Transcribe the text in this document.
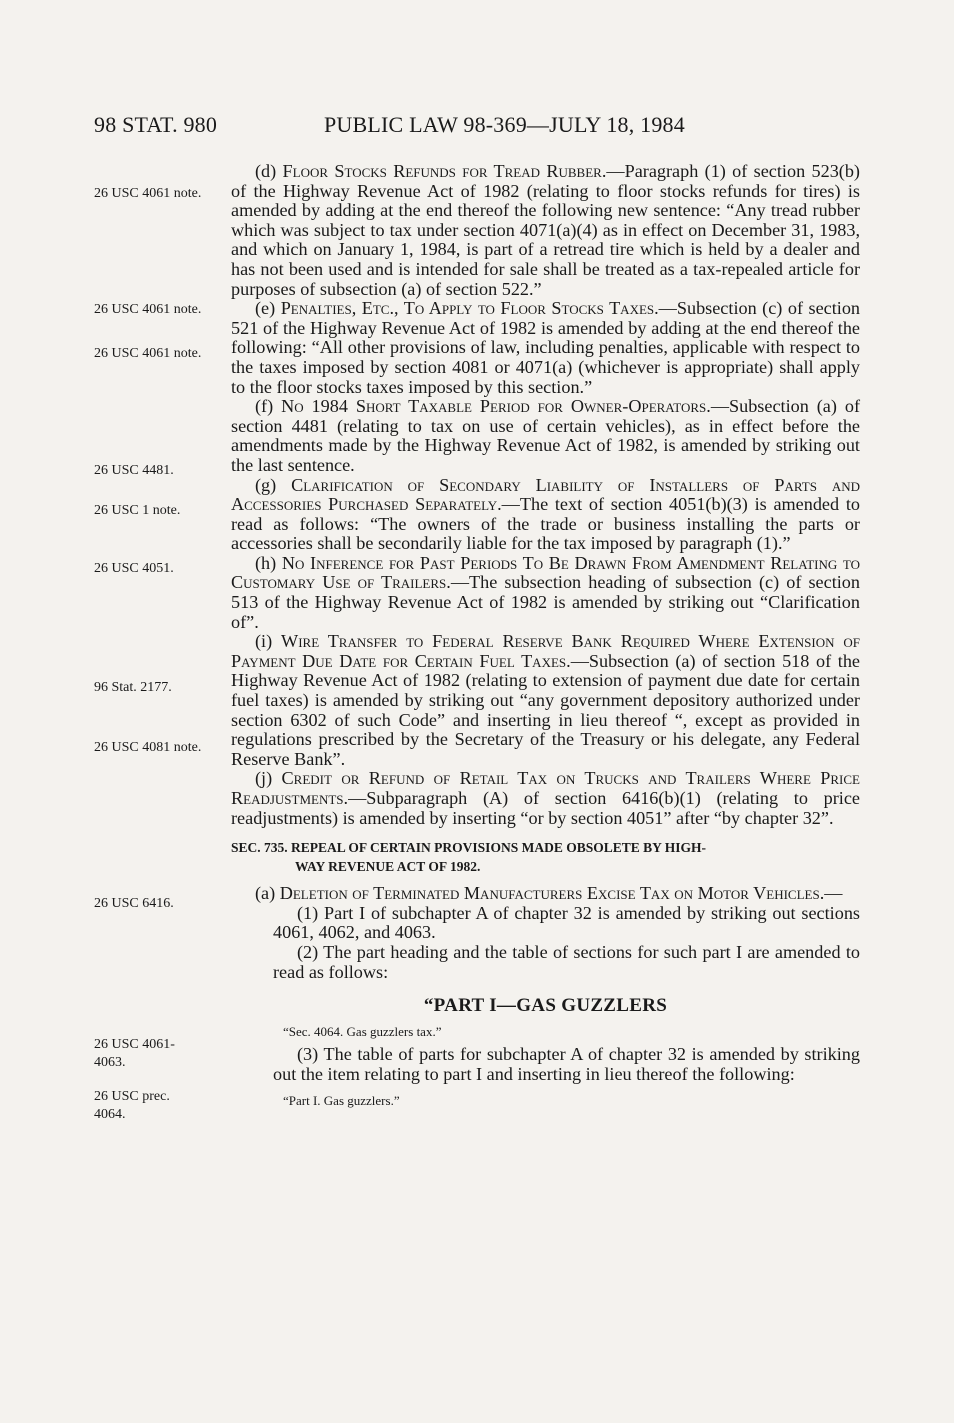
98 STAT. 980	PUBLIC LAW 98-369—JULY 18, 1984
26 USC 4061 note.
26 USC 4061 note.
26 USC 4061 note.
26 USC 4481.
26 USC 1 note.
26 USC 4051.
96 Stat. 2177.
26 USC 4081 note.
26 USC 6416.
26 USC 4061-4063.
26 USC prec. 4064.

(d) Floor Stocks Refunds for Tread Rubber.—Paragraph (1) of section 523(b) of the Highway Revenue Act of 1982 (relating to floor stocks refunds for tires) is amended by adding at the end thereof the following new sentence: “Any tread rubber which was subject to tax under section 4071(a)(4) as in effect on December 31, 1983, and which on January 1, 1984, is part of a retread tire which is held by a dealer and has not been used and is intended for sale shall be treated as a tax-repealed article for purposes of subsection (a) of section 522.”

(e) Penalties, Etc., To Apply to Floor Stocks Taxes.—Subsection (c) of section 521 of the Highway Revenue Act of 1982 is amended by adding at the end thereof the following: “All other provisions of law, including penalties, applicable with respect to the taxes imposed by section 4081 or 4071(a) (whichever is appropriate) shall apply to the floor stocks taxes imposed by this section.”

(f) No 1984 Short Taxable Period for Owner-Operators.—Subsection (a) of section 4481 (relating to tax on use of certain vehicles), as in effect before the amendments made by the Highway Revenue Act of 1982, is amended by striking out the last sentence.

(g) Clarification of Secondary Liability of Installers of Parts and Accessories Purchased Separately.—The text of section 4051(b)(3) is amended to read as follows: “The owners of the trade or business installing the parts or accessories shall be secondarily liable for the tax imposed by paragraph (1).”

(h) No Inference for Past Periods To Be Drawn From Amendment Relating to Customary Use of Trailers.—The subsection heading of subsection (c) of section 513 of the Highway Revenue Act of 1982 is amended by striking out “Clarification of”.

(i) Wire Transfer to Federal Reserve Bank Required Where Extension of Payment Due Date for Certain Fuel Taxes.—Subsection (a) of section 518 of the Highway Revenue Act of 1982 (relating to extension of payment due date for certain fuel taxes) is amended by striking out “any government depository authorized under section 6302 of such Code” and inserting in lieu thereof “, except as provided in regulations prescribed by the Secretary of the Treasury or his delegate, any Federal Reserve Bank”.

(j) Credit or Refund of Retail Tax on Trucks and Trailers Where Price Readjustments.—Subparagraph (A) of section 6416(b)(1) (relating to price readjustments) is amended by inserting “or by section 4051” after “by chapter 32”.

SEC. 735. REPEAL OF CERTAIN PROVISIONS MADE OBSOLETE BY HIGH-
WAY REVENUE ACT OF 1982.

(a) Deletion of Terminated Manufacturers Excise Tax on Motor Vehicles.—

(1) Part I of subchapter A of chapter 32 is amended by striking out sections 4061, 4062, and 4063.

(2) The part heading and the table of sections for such part I are amended to read as follows:

“PART I—GAS GUZZLERS
“Sec. 4064. Gas guzzlers tax.”

(3) The table of parts for subchapter A of chapter 32 is amended by striking out the item relating to part I and inserting in lieu thereof the following:

“Part I. Gas guzzlers.”
